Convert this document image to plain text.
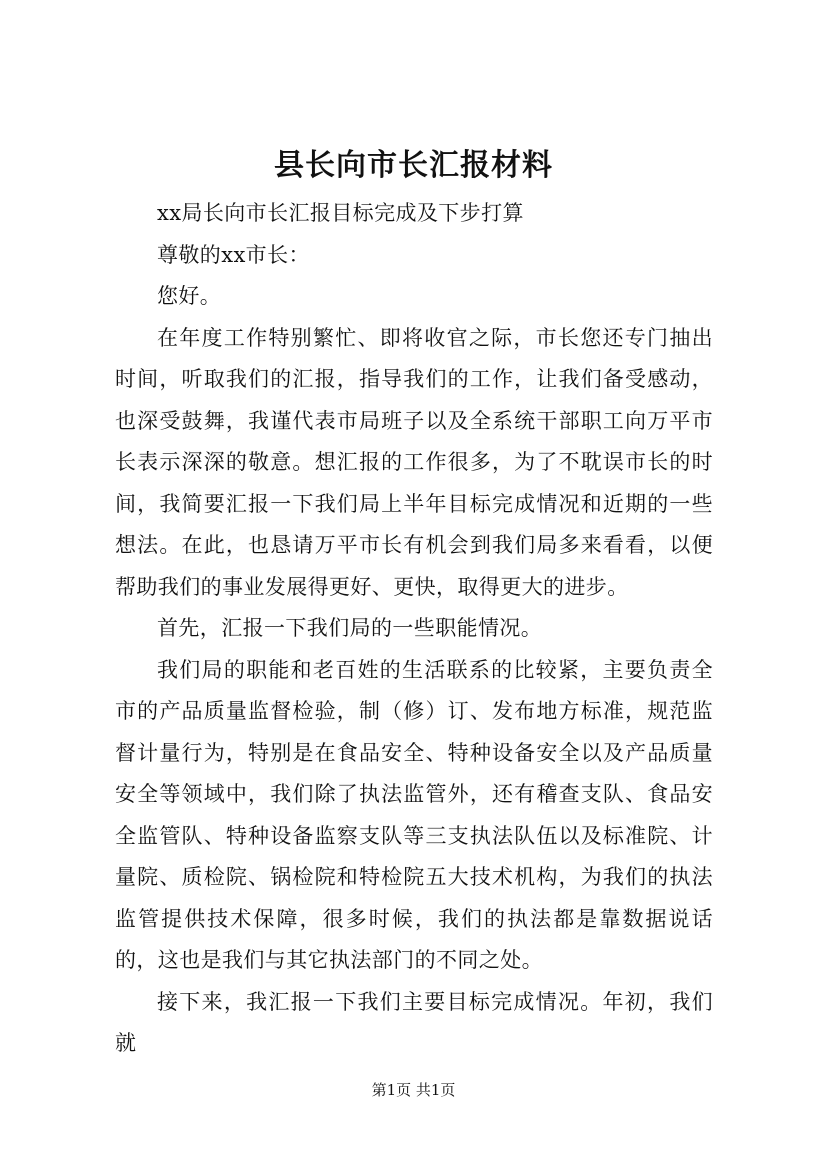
县长向市长汇报材料

xx局长向市长汇报目标完成及下步打算

尊敬的xx市长：

您好。

在年度工作特别繁忙、即将收官之际，市长您还专门抽出时间，听取我们的汇报，指导我们的工作，让我们备受感动，也深受鼓舞，我谨代表市局班子以及全系统干部职工向万平市长表示深深的敬意。想汇报的工作很多，为了不耽误市长的时间，我简要汇报一下我们局上半年目标完成情况和近期的一些想法。在此，也恳请万平市长有机会到我们局多来看看，以便帮助我们的事业发展得更好、更快，取得更大的进步。

首先，汇报一下我们局的一些职能情况。

我们局的职能和老百姓的生活联系的比较紧，主要负责全市的产品质量监督检验，制（修）订、发布地方标准，规范监督计量行为，特别是在食品安全、特种设备安全以及产品质量安全等领域中，我们除了执法监管外，还有稽查支队、食品安全监管队、特种设备监察支队等三支执法队伍以及标准院、计量院、质检院、锅检院和特检院五大技术机构，为我们的执法监管提供技术保障，很多时候，我们的执法都是靠数据说话的，这也是我们与其它执法部门的不同之处。

接下来，我汇报一下我们主要目标完成情况。年初，我们就

第1页 共1页
